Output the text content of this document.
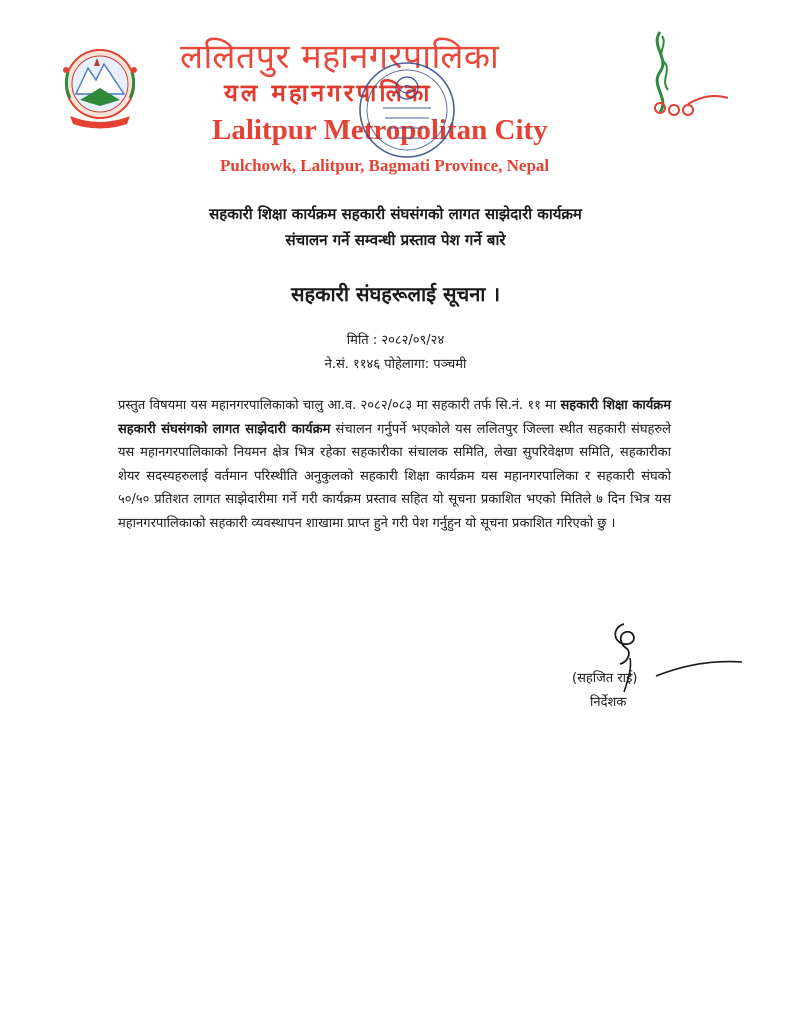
ललितपुर महानगरपालिका
यल महानगरपालिका
Lalitpur Metropolitan City
Pulchowk, Lalitpur, Bagmati Province, Nepal
सहकारी शिक्षा कार्यक्रम सहकारी संघसंगको लागत साझेदारी कार्यक्रम
संचालन गर्ने सम्वन्धी प्रस्ताव पेश गर्ने बारे
सहकारी संघहरूलाई सूचना ।
मिति : २०८२/०९/२४
ने.सं. ११४६ पोहेलागा: पञ्चमी
प्रस्तुत विषयमा यस महानगरपालिकाको चालु आ.व. २०८२/०८३ मा सहकारी तर्फ सि.नं. ११ मा सहकारी शिक्षा कार्यक्रम सहकारी संघसंगको लागत साझेदारी कार्यक्रम संचालन गर्नुपर्ने भएकोले यस ललितपुर जिल्ला स्थीत सहकारी संघहरुले यस महानगरपालिकाको नियमन क्षेत्र भित्र रहेका सहकारीका संचालक समिति, लेखा सुपरिवेक्षण समिति, सहकारीका शेयर सदस्यहरुलाई वर्तमान परिस्थीति अनुकुलको सहकारी शिक्षा कार्यक्रम यस महानगरपालिका र सहकारी संघको ५०/५० प्रतिशत लागत साझेदारीमा गर्ने गरी कार्यक्रम प्रस्ताव सहित यो सूचना प्रकाशित भएको मितिले ७ दिन भित्र यस महानगरपालिकाको सहकारी व्यवस्थापन शाखामा प्राप्त हुने गरी पेश गर्नुहुन यो सूचना प्रकाशित गरिएको छु ।
(सहजित राई)
निर्देशक
